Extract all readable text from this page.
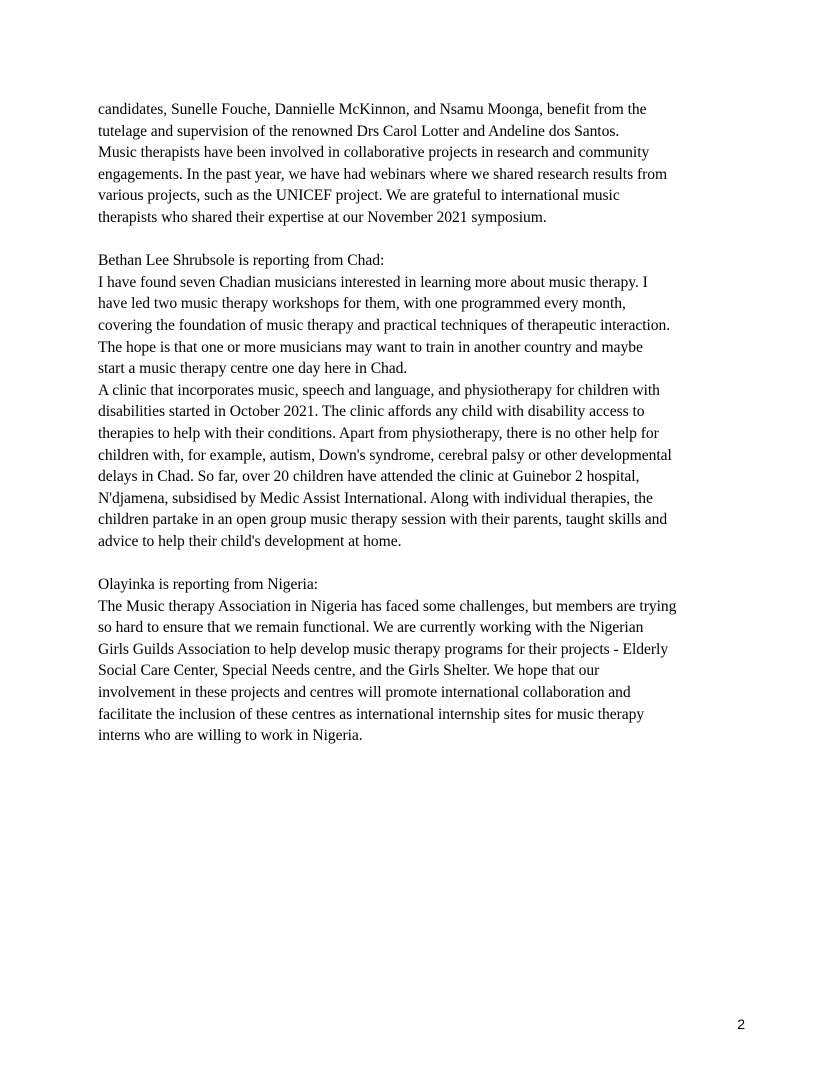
candidates, Sunelle Fouche, Dannielle McKinnon, and Nsamu Moonga, benefit from the
tutelage and supervision of the renowned Drs Carol Lotter and Andeline dos Santos.
Music therapists have been involved in collaborative projects in research and community
engagements. In the past year, we have had webinars where we shared research results from
various projects, such as the UNICEF project. We are grateful to international music
therapists who shared their expertise at our November 2021 symposium.
Bethan Lee Shrubsole is reporting from Chad:
I have found seven Chadian musicians interested in learning more about music therapy. I
have led two music therapy workshops for them, with one programmed every month,
covering the foundation of music therapy and practical techniques of therapeutic interaction.
The hope is that one or more musicians may want to train in another country and maybe
start a music therapy centre one day here in Chad.
A clinic that incorporates music, speech and language, and physiotherapy for children with
disabilities started in October 2021. The clinic affords any child with disability access to
therapies to help with their conditions. Apart from physiotherapy, there is no other help for
children with, for example, autism, Down's syndrome, cerebral palsy or other developmental
delays in Chad. So far, over 20 children have attended the clinic at Guinebor 2 hospital,
N'djamena, subsidised by Medic Assist International. Along with individual therapies, the
children partake in an open group music therapy session with their parents, taught skills and
advice to help their child's development at home.
Olayinka is reporting from Nigeria:
The Music therapy Association in Nigeria has faced some challenges, but members are trying
so hard to ensure that we remain functional. We are currently working with the Nigerian
Girls Guilds Association to help develop music therapy programs for their projects - Elderly
Social Care Center, Special Needs centre, and the Girls Shelter. We hope that our
involvement in these projects and centres will promote international collaboration and
facilitate the inclusion of these centres as international internship sites for music therapy
interns who are willing to work in Nigeria.
2
